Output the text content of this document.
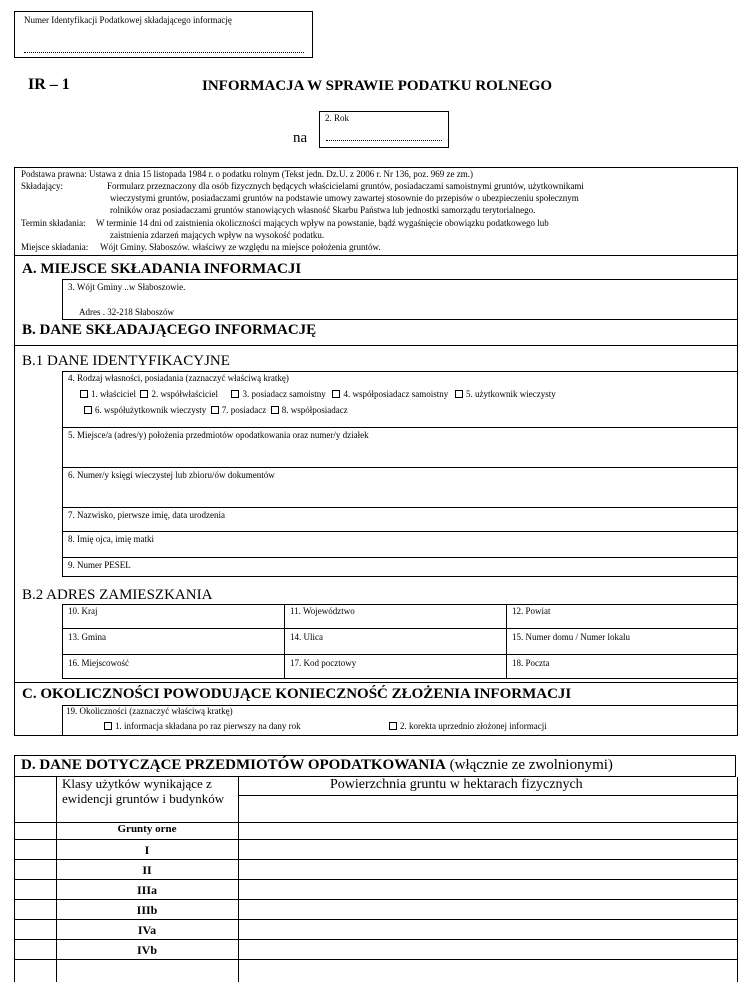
Numer Identyfikacji Podatkowej składającego informację
IR – 1	INFORMACJA W SPRAWIE PODATKU ROLNEGO
na
2. Rok
Podstawa prawna: Ustawa z dnia 15 listopada 1984 r. o podatku rolnym (Tekst jedn. Dz.U. z 2006 r. Nr 136, poz. 969 ze zm.)
Składający:	Formularz przeznaczony dla osób fizycznych będących właścicielami gruntów, posiadaczami samoistnymi gruntów, użytkownikami
wieczystymi gruntów, posiadaczami gruntów na podstawie umowy zawartej stosownie do przepisów o ubezpieczeniu społecznym
rolników oraz posiadaczami gruntów stanowiących własność Skarbu Państwa lub jednostki samorządu terytorialnego.
Termin składania: W terminie 14 dni od zaistnienia okoliczności mających wpływ na powstanie, bądź wygaśnięcie obowiązku podatkowego lub
zaistnienia zdarzeń mających wpływ na wysokość podatku.
Miejsce składania: Wójt Gminy. Słaboszów. właściwy ze względu na miejsce położenia gruntów.
A. MIEJSCE SKŁADANIA INFORMACJI
3. Wójt Gminy ..w Słaboszowie.
Adres . 32-218 Słaboszów
B. DANE SKŁADAJĄCEGO INFORMACJĘ
B.1 DANE IDENTYFIKACYJNE
4. Rodzaj własności, posiadania (zaznaczyć właściwą kratkę)
1. właściciel 2. współwłaściciel	3. posiadacz samoistny 4. współposiadacz samoistny 5. użytkownik wieczysty
6. współużytkownik wieczysty 7. posiadacz 8. współposiadacz
5. Miejsce/a (adres/y) położenia przedmiotów opodatkowania oraz numer/y działek
6. Numer/y księgi wieczystej lub zbioru/ów dokumentów
7. Nazwisko, pierwsze imię, data urodzenia
8. Imię ojca, imię matki
9. Numer PESEL
B.2 ADRES ZAMIESZKANIA
10. Kraj	11. Województwo	12. Powiat
13. Gmina	14. Ulica	15. Numer domu / Numer lokalu
16. Miejscowość	17. Kod pocztowy	18. Poczta
C. OKOLICZNOŚCI POWODUJĄCE KONIECZNOŚĆ ZŁOŻENIA INFORMACJI
19. Okoliczności (zaznaczyć właściwą kratkę)
1. informacja składana po raz pierwszy na dany rok	2. korekta uprzednio złożonej informacji
D. DANE DOTYCZĄCE PRZEDMIOTÓW OPODATKOWANIA (włącznie ze zwolnionymi)
Klasy użytków wynikające z ewidencji gruntów i budynków
Powierzchnia gruntu w hektarach fizycznych
Grunty orne
I
II
IIIa
IIIb
IVa
IVb
